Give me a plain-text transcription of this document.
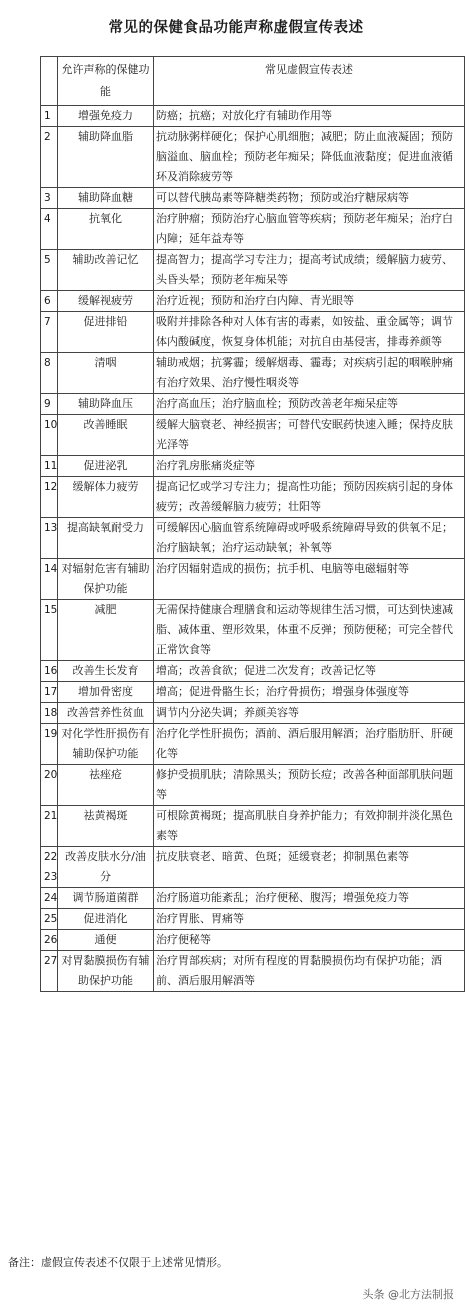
常见的保健食品功能声称虚假宣传表述
	允许声称的保健功能	常见虚假宣传表述
1	增强免疫力	防癌；抗癌；对放化疗有辅助作用等
2	辅助降血脂	抗动脉粥样硬化；保护心肌细胞；减肥；防止血液凝固；预防脑溢血、脑血栓；预防老年痴呆；降低血液黏度；促进血液循环及消除疲劳等
3	辅助降血糖	可以替代胰岛素等降糖类药物；预防或治疗糖尿病等
4	抗氧化	治疗肿瘤；预防治疗心脑血管等疾病；预防老年痴呆；治疗白内障；延年益寿等
5	辅助改善记忆	提高智力；提高学习专注力；提高考试成绩；缓解脑力疲劳、头昏头晕；预防老年痴呆等
6	缓解视疲劳	治疗近视；预防和治疗白内障、青光眼等
7	促进排铅	吸附并排除各种对人体有害的毒素，如铵盐、重金属等；调节体内酸碱度，恢复身体机能；对抗自由基侵害，排毒养颜等
8	清咽	辅助戒烟；抗雾霾；缓解烟毒、霾毒；对疾病引起的咽喉肿痛有治疗效果、治疗慢性咽炎等
9	辅助降血压	治疗高血压；治疗脑血栓；预防改善老年痴呆症等
10	改善睡眠	缓解大脑衰老、神经损害；可替代安眠药快速入睡；保持皮肤光泽等
11	促进泌乳	治疗乳房胀痛炎症等
12	缓解体力疲劳	提高记忆或学习专注力；提高性功能；预防因疾病引起的身体疲劳；改善缓解脑力疲劳；壮阳等
13	提高缺氧耐受力	可缓解因心脑血管系统障碍或呼吸系统障碍导致的供氧不足；治疗脑缺氧；治疗运动缺氧；补氧等
14	对辐射危害有辅助保护功能	治疗因辐射造成的损伤；抗手机、电脑等电磁辐射等
15	减肥	无需保持健康合理膳食和运动等规律生活习惯，可达到快速减脂、减体重、塑形效果，体重不反弹；预防便秘；可完全替代正常饮食等
16	改善生长发育	增高；改善食欲；促进二次发育；改善记忆等
17	增加骨密度	增高；促进骨骼生长；治疗骨损伤；增强身体强度等
18	改善营养性贫血	调节内分泌失调；养颜美容等
19	对化学性肝损伤有辅助保护功能	治疗化学性肝损伤；酒前、酒后服用解酒；治疗脂肪肝、肝硬化等
20	祛痤疮	修护受损肌肤；清除黑头；预防长痘；改善各种面部肌肤问题等
21	祛黄褐斑	可根除黄褐斑；提高肌肤自身养护能力；有效抑制并淡化黑色素等
22 23	改善皮肤水分/油分	抗皮肤衰老、暗黄、色斑；延缓衰老；抑制黑色素等
24	调节肠道菌群	治疗肠道功能紊乱；治疗便秘、腹泻；增强免疫力等
25	促进消化	治疗胃胀、胃痛等
26	通便	治疗便秘等
27	对胃黏膜损伤有辅助保护功能	治疗胃部疾病；对所有程度的胃黏膜损伤均有保护功能；酒前、酒后服用解酒等
备注：虚假宣传表述不仅限于上述常见情形。
头条 @北方法制报
